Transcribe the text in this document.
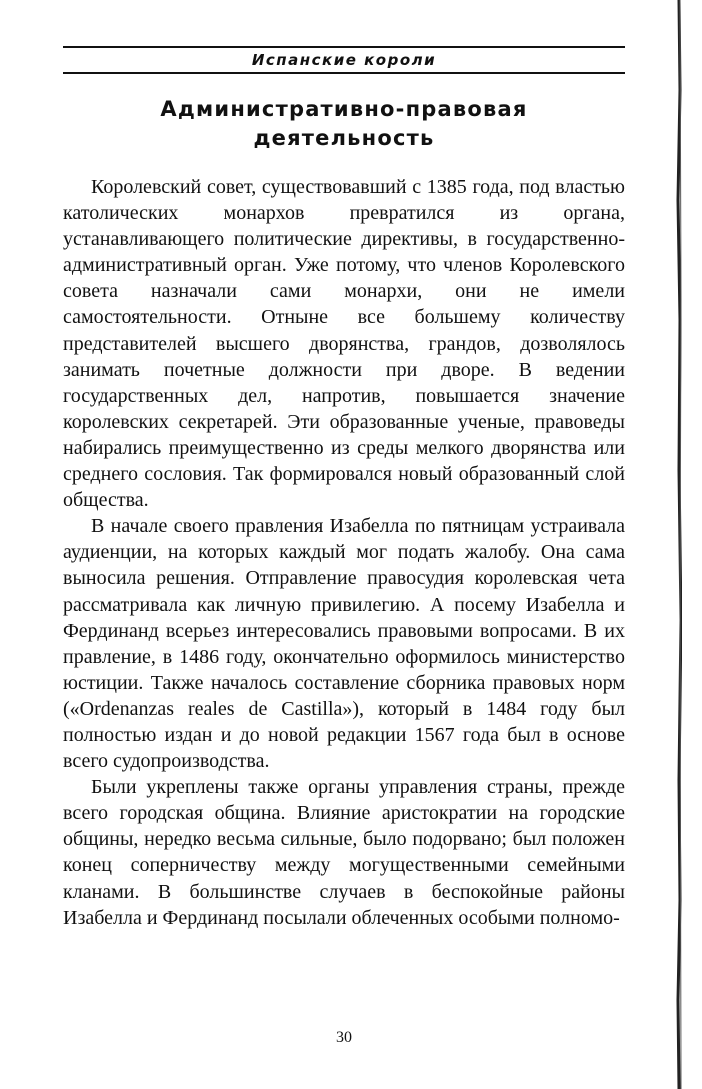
Испанские короли
Административно-правовая
деятельность

Королевский совет, существовавший с 1385 года, под властью католических монархов превратился из органа, устанавливающего политические директивы, в государственно-административный орган. Уже потому, что членов Королевского совета назначали сами монархи, они не имели самостоятельности. Отныне все большему количеству представителей высшего дворянства, грандов, дозволялось занимать почетные должности при дворе. В ведении государственных дел, напротив, повышается значение королевских секретарей. Эти образованные ученые, правоведы набирались преимущественно из среды мелкого дворянства или среднего сословия. Так формировался новый образованный слой общества.

В начале своего правления Изабелла по пятницам устраивала аудиенции, на которых каждый мог подать жалобу. Она сама выносила решения. Отправление правосудия королевская чета рассматривала как личную привилегию. А посему Изабелла и Фердинанд всерьез интересовались правовыми вопросами. В их правление, в 1486 году, окончательно оформилось министерство юстиции. Также началось составление сборника правовых норм («Ordenanzas reales de Castilla»), который в 1484 году был полностью издан и до новой редакции 1567 года был в основе всего судопроизводства.

Были укреплены также органы управления страны, прежде всего городская община. Влияние аристократии на городские общины, нередко весьма сильные, было подорвано; был положен конец соперничеству между могущественными семейными кланами. В большинстве случаев в беспокойные районы Изабелла и Фердинанд посылали облеченных особыми полномо-

30
